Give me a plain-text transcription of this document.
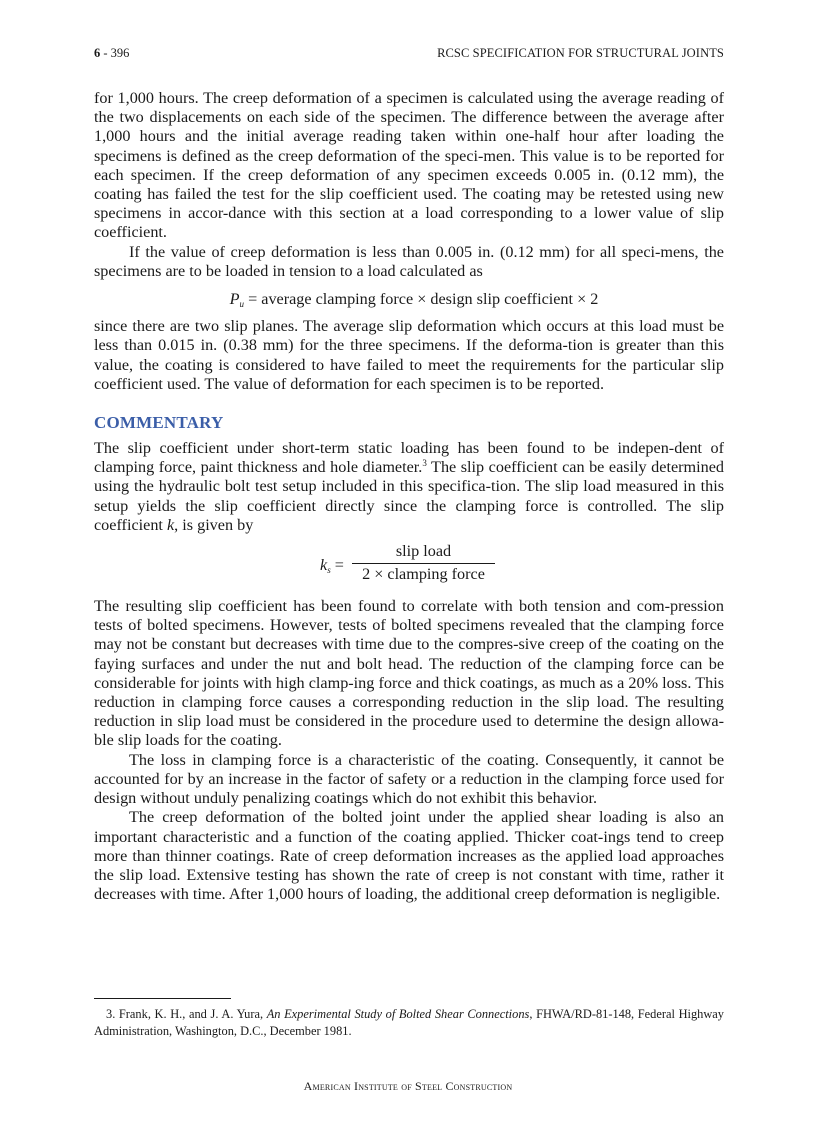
6 - 396	RCSC SPECIFICATION FOR STRUCTURAL JOINTS

for 1,000 hours. The creep deformation of a specimen is calculated using the average reading of the two displacements on each side of the specimen. The difference between the average after 1,000 hours and the initial average reading taken within one-half hour after loading the specimens is defined as the creep deformation of the speci-men. This value is to be reported for each specimen. If the creep deformation of any specimen exceeds 0.005 in. (0.12 mm), the coating has failed the test for the slip coefficient used. The coating may be retested using new specimens in accor-dance with this section at a load corresponding to a lower value of slip coefficient.

If the value of creep deformation is less than 0.005 in. (0.12 mm) for all speci-mens, the specimens are to be loaded in tension to a load calculated as

$P_u$ = average clamping force × design slip coefficient × 2

since there are two slip planes. The average slip deformation which occurs at this load must be less than 0.015 in. (0.38 mm) for the three specimens. If the deforma-tion is greater than this value, the coating is considered to have failed to meet the requirements for the particular slip coefficient used. The value of deformation for each specimen is to be reported.

COMMENTARY

The slip coefficient under short-term static loading has been found to be indepen-dent of clamping force, paint thickness and hole diameter.$^3$ The slip coefficient can be easily determined using the hydraulic bolt test setup included in this specifica-tion. The slip load measured in this setup yields the slip coefficient directly since the clamping force is controlled. The slip coefficient k, is given by

$k_s$ =
slip load
2 × clamping force

The resulting slip coefficient has been found to correlate with both tension and com-pression tests of bolted specimens. However, tests of bolted specimens revealed that the clamping force may not be constant but decreases with time due to the compres-sive creep of the coating on the faying surfaces and under the nut and bolt head. The reduction of the clamping force can be considerable for joints with high clamp-ing force and thick coatings, as much as a 20% loss. This reduction in clamping force causes a corresponding reduction in the slip load. The resulting reduction in slip load must be considered in the procedure used to determine the design allowa-ble slip loads for the coating.

The loss in clamping force is a characteristic of the coating. Consequently, it cannot be accounted for by an increase in the factor of safety or a reduction in the clamping force used for design without unduly penalizing coatings which do not exhibit this behavior.

The creep deformation of the bolted joint under the applied shear loading is also an important characteristic and a function of the coating applied. Thicker coat-ings tend to creep more than thinner coatings. Rate of creep deformation increases as the applied load approaches the slip load. Extensive testing has shown the rate of creep is not constant with time, rather it decreases with time. After 1,000 hours of loading, the additional creep deformation is negligible.

3. Frank, K. H., and J. A. Yura, An Experimental Study of Bolted Shear Connections, FHWA/RD-81-148, Federal Highway Administration, Washington, D.C., December 1981.
American Institute of Steel Construction
